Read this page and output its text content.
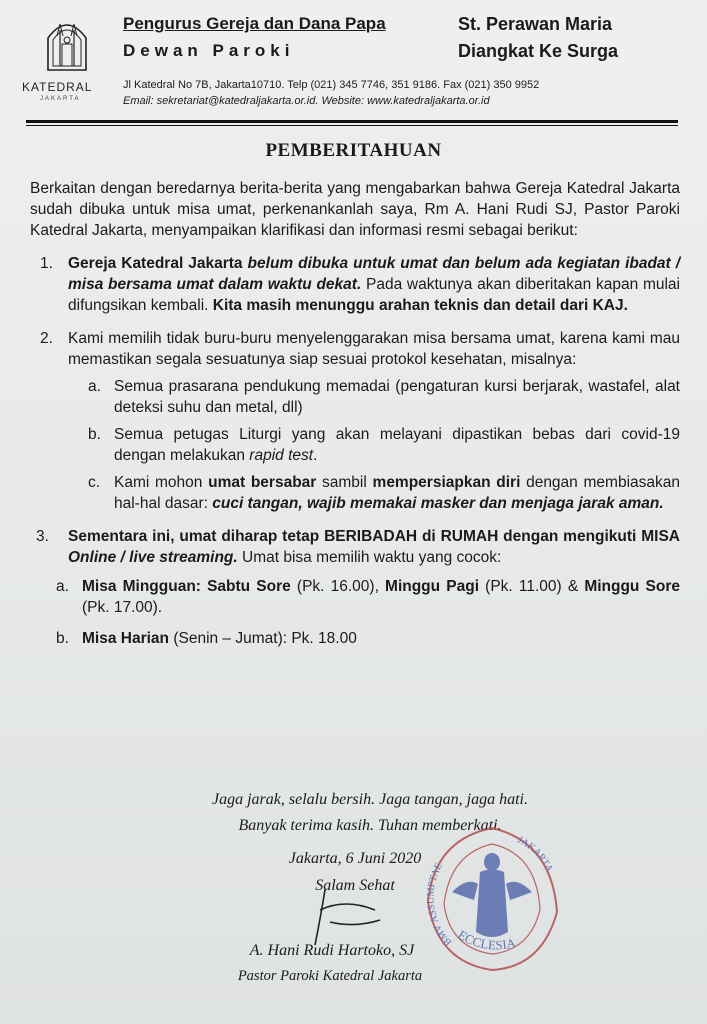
KATEDRAL
JAKARTA
Pengurus Gereja dan Dana Papa
Dewan Paroki
St. Perawan Maria
Diangkat Ke Surga
Jl Katedral No 7B, Jakarta10710. Telp (021) 345 7746, 351 9186. Fax (021) 350 9952
Email: sekretariat@katedraljakarta.or.id. Website: www.katedraljakarta.or.id
PEMBERITAHUAN

Berkaitan dengan beredarnya berita-berita yang mengabarkan bahwa Gereja Katedral Jakarta sudah dibuka untuk misa umat, perkenankanlah saya, Rm A. Hani Rudi SJ, Pastor Paroki Katedral Jakarta, menyampaikan klarifikasi dan informasi resmi sebagai berikut:

1. Gereja Katedral Jakarta belum dibuka untuk umat dan belum ada kegiatan ibadat / misa bersama umat dalam waktu dekat. Pada waktunya akan diberitakan kapan mulai difungsikan kembali. Kita masih menunggu arahan teknis dan detail dari KAJ.
2. Kami memilih tidak buru-buru menyelenggarakan misa bersama umat, karena kami mau memastikan segala sesuatunya siap sesuai protokol kesehatan, misalnya:
a. Semua prasarana pendukung memadai (pengaturan kursi berjarak, wastafel, alat deteksi suhu dan metal, dll)
b. Semua petugas Liturgi yang akan melayani dipastikan bebas dari covid-19 dengan melakukan rapid test.
c. Kami mohon umat bersabar sambil mempersiapkan diri dengan membiasakan hal-hal dasar: cuci tangan, wajib memakai masker dan menjaga jarak aman.
3. Sementara ini, umat diharap tetap BERIBADAH di RUMAH dengan mengikuti MISA Online / live streaming. Umat bisa memilih waktu yang cocok:
a. Misa Mingguan: Sabtu Sore (Pk. 16.00), Minggu Pagi (Pk. 11.00) & Minggu Sore (Pk. 17.00).
b. Misa Harian (Senin – Jumat): Pk. 18.00
Jaga jarak, selalu bersih. Jaga tangan, jaga hati.
Banyak terima kasih. Tuhan memberkati.
Jakarta, 6 Juni 2020
Salam Sehat
A. Hani Rudi Hartoko, SJ
Pastor Paroki Katedral Jakarta
BMV ASSUMPTAE
ECCLESIA
JAKARTA
